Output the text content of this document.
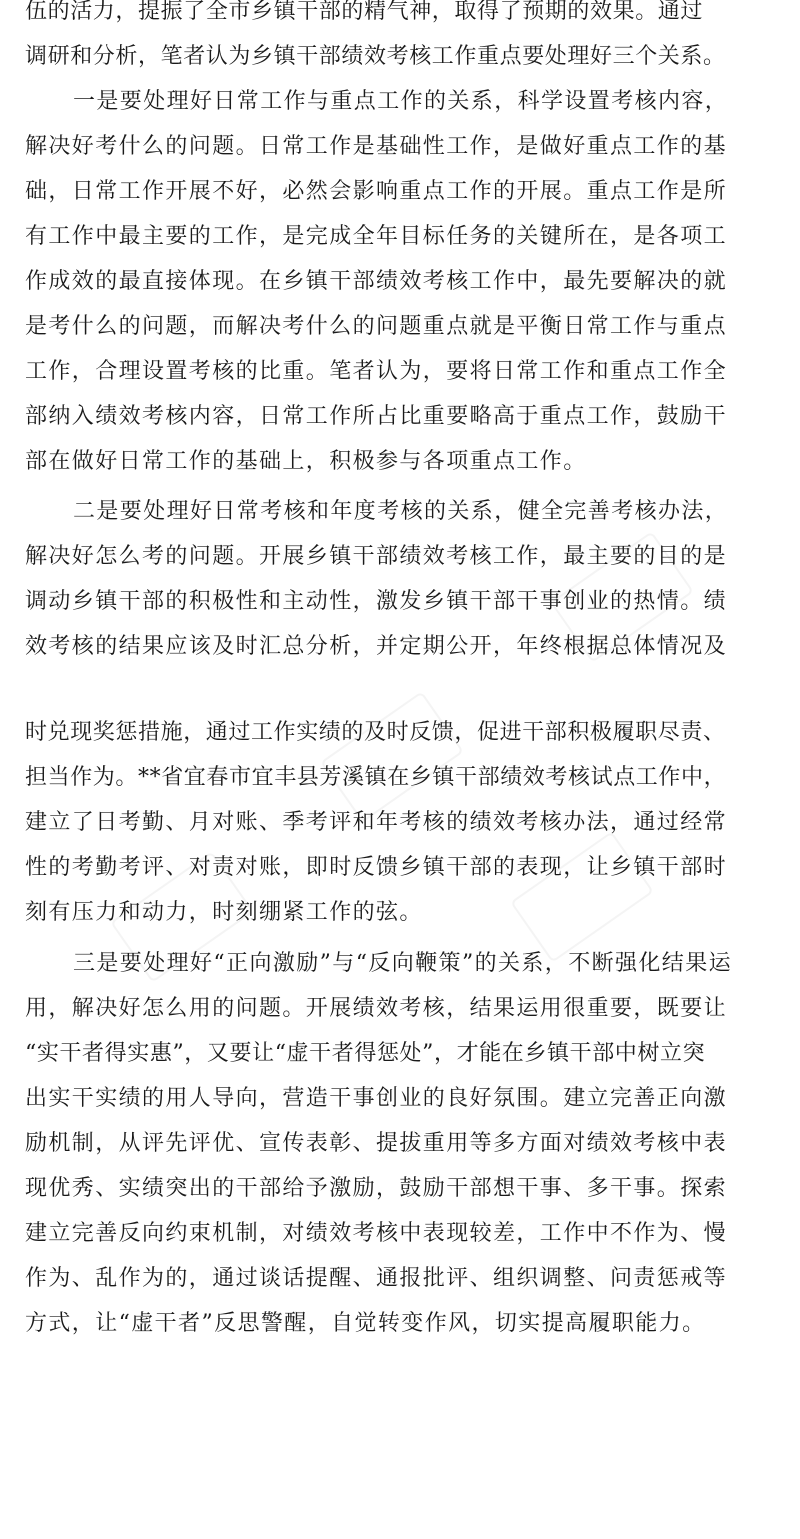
伍的活力，提振了全市乡镇干部的精气神，取得了预期的效果。通过
调研和分析，笔者认为乡镇干部绩效考核工作重点要处理好三个关系。
一是要处理好日常工作与重点工作的关系，科学设置考核内容，
解决好考什么的问题。日常工作是基础性工作，是做好重点工作的基
础，日常工作开展不好，必然会影响重点工作的开展。重点工作是所
有工作中最主要的工作，是完成全年目标任务的关键所在，是各项工
作成效的最直接体现。在乡镇干部绩效考核工作中，最先要解决的就
是考什么的问题，而解决考什么的问题重点就是平衡日常工作与重点
工作，合理设置考核的比重。笔者认为，要将日常工作和重点工作全
部纳入绩效考核内容，日常工作所占比重要略高于重点工作，鼓励干
部在做好日常工作的基础上，积极参与各项重点工作。
二是要处理好日常考核和年度考核的关系，健全完善考核办法，
解决好怎么考的问题。开展乡镇干部绩效考核工作，最主要的目的是
调动乡镇干部的积极性和主动性，激发乡镇干部干事创业的热情。绩
效考核的结果应该及时汇总分析，并定期公开，年终根据总体情况及
时兑现奖惩措施，通过工作实绩的及时反馈，促进干部积极履职尽责、
担当作为。**省宜春市宜丰县芳溪镇在乡镇干部绩效考核试点工作中，
建立了日考勤、月对账、季考评和年考核的绩效考核办法，通过经常
性的考勤考评、对责对账，即时反馈乡镇干部的表现，让乡镇干部时
刻有压力和动力，时刻绷紧工作的弦。
三是要处理好“正向激励”与“反向鞭策”的关系，不断强化结果运
用，解决好怎么用的问题。开展绩效考核，结果运用很重要，既要让
“实干者得实惠”，又要让“虚干者得惩处”，才能在乡镇干部中树立突
出实干实绩的用人导向，营造干事创业的良好氛围。建立完善正向激
励机制，从评先评优、宣传表彰、提拔重用等多方面对绩效考核中表
现优秀、实绩突出的干部给予激励，鼓励干部想干事、多干事。探索
建立完善反向约束机制，对绩效考核中表现较差，工作中不作为、慢
作为、乱作为的，通过谈话提醒、通报批评、组织调整、问责惩戒等
方式，让“虚干者”反思警醒，自觉转变作风，切实提高履职能力。
